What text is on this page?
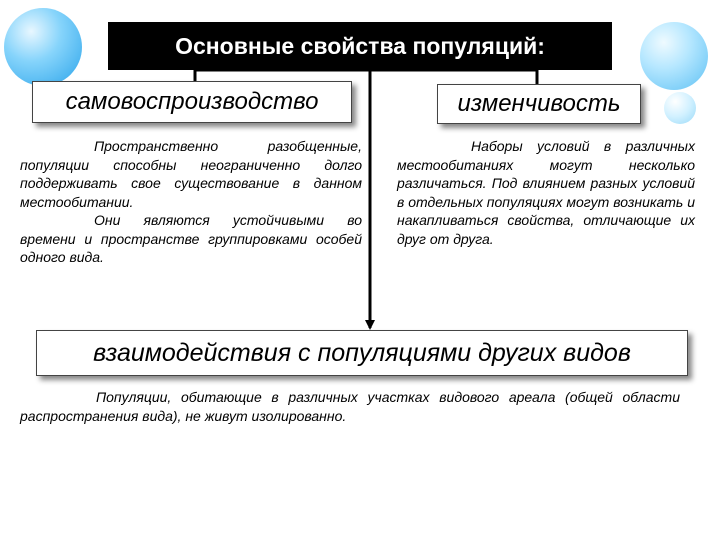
Основные свойства популяций:
самовоспроизводство	изменчивость

Пространственно разобщенные, популяции способны неограниченно долго поддерживать свое существование в данном местообитании.

Они являются устойчивыми во времени и пространстве группировками особей одного вида.

Наборы условий в различных местообитаниях могут несколько различаться. Под влиянием разных условий в отдельных популяциях могут возникать и накапливаться свойства, отличающие их друг от друга.

взаимодействия с популяциями других видов

Популяции, обитающие в различных участках видового ареала (общей области распространения вида), не живут изолированно.
